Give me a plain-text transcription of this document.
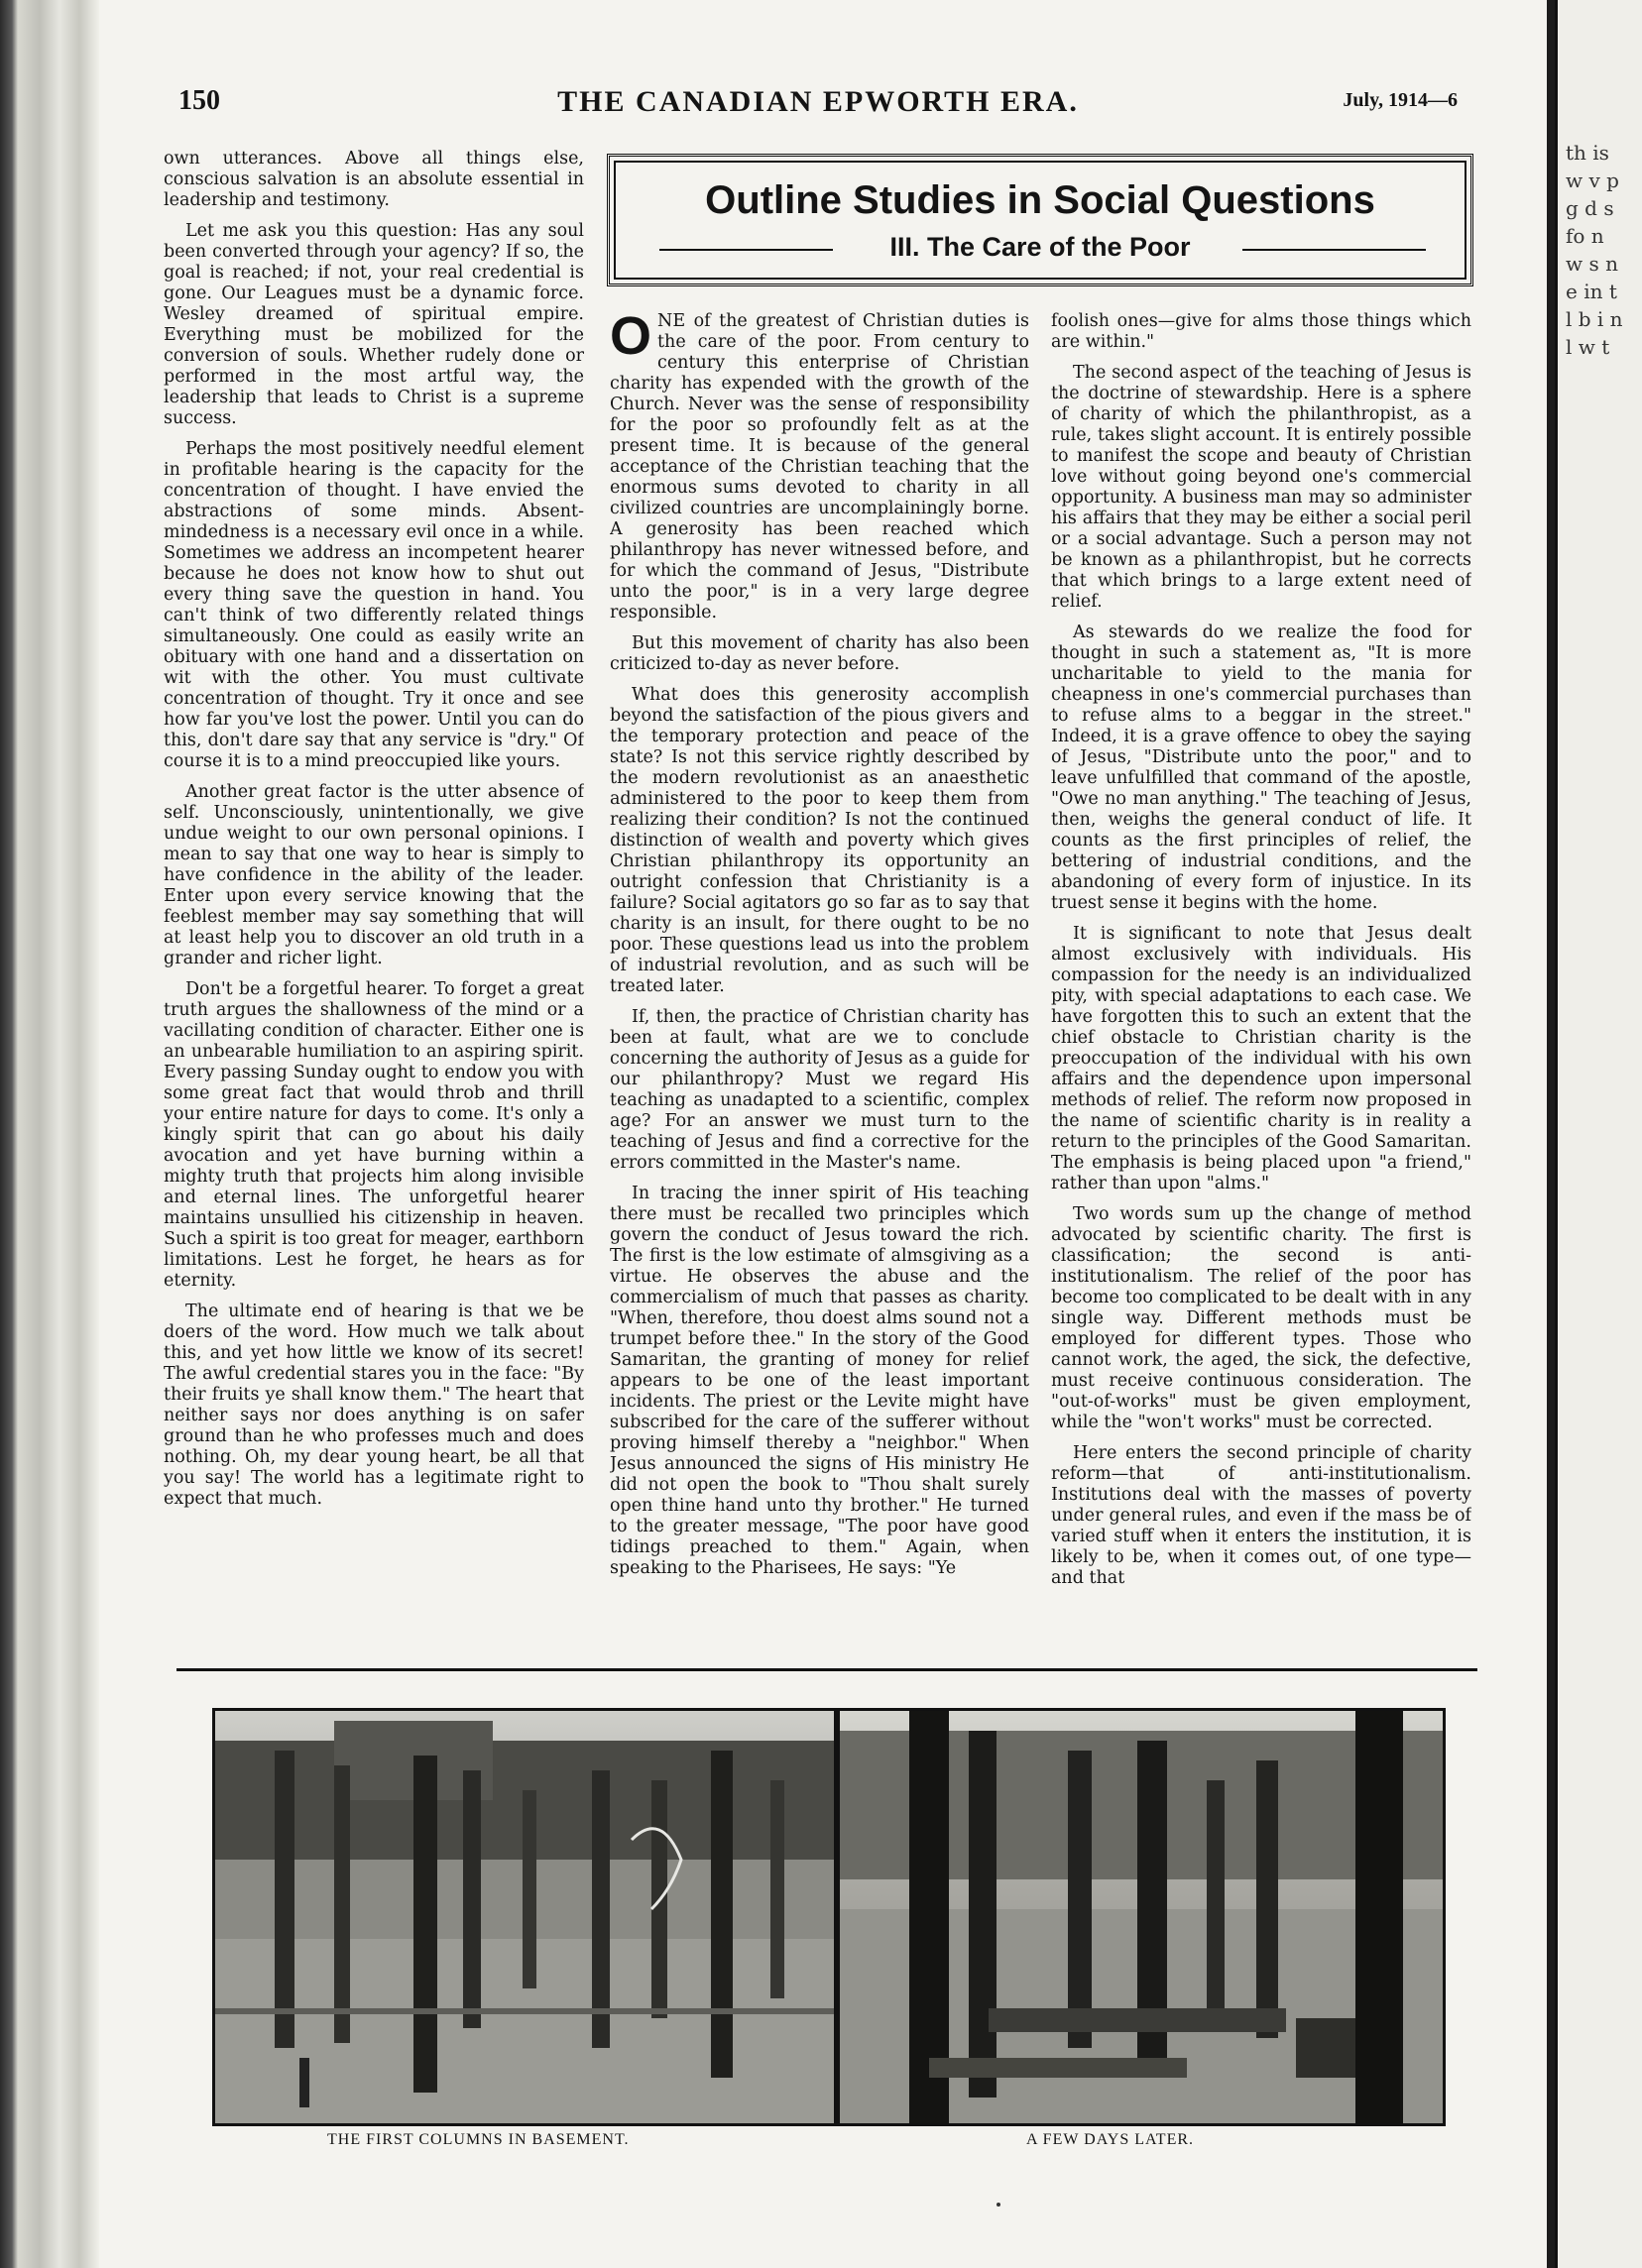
th is w v p g d s fo n w s n e in t l b i n l w t
THE CANADIAN EPWORTH ERA.
150	July, 1914—6

own utterances. Above all things else, conscious salvation is an absolute essential in leadership and testimony.

Let me ask you this question: Has any soul been converted through your agency? If so, the goal is reached; if not, your real credential is gone. Our Leagues must be a dynamic force. Wesley dreamed of spiritual empire. Everything must be mobilized for the conversion of souls. Whether rudely done or performed in the most artful way, the leadership that leads to Christ is a supreme success.

Perhaps the most positively needful element in profitable hearing is the capacity for the concentration of thought. I have envied the abstractions of some minds. Absent-mindedness is a necessary evil once in a while. Sometimes we address an incompetent hearer because he does not know how to shut out every thing save the question in hand. You can't think of two differently related things simultaneously. One could as easily write an obituary with one hand and a dissertation on wit with the other. You must cultivate concentration of thought. Try it once and see how far you've lost the power. Until you can do this, don't dare say that any service is "dry." Of course it is to a mind preoccupied like yours.

Another great factor is the utter absence of self. Unconsciously, unintentionally, we give undue weight to our own personal opinions. I mean to say that one way to hear is simply to have confidence in the ability of the leader. Enter upon every service knowing that the feeblest member may say something that will at least help you to discover an old truth in a grander and richer light.

Don't be a forgetful hearer. To forget a great truth argues the shallowness of the mind or a vacillating condition of character. Either one is an unbearable humiliation to an aspiring spirit. Every passing Sunday ought to endow you with some great fact that would throb and thrill your entire nature for days to come. It's only a kingly spirit that can go about his daily avocation and yet have burning within a mighty truth that projects him along invisible and eternal lines. The unforgetful hearer maintains unsullied his citizenship in heaven. Such a spirit is too great for meager, earthborn limitations. Lest he forget, he hears as for eternity.

The ultimate end of hearing is that we be doers of the word. How much we talk about this, and yet how little we know of its secret! The awful credential stares you in the face: "By their fruits ye shall know them." The heart that neither says nor does anything is on safer ground than he who professes much and does nothing. Oh, my dear young heart, be all that you say! The world has a legitimate right to expect that much.

Outline Studies in Social Questions
III. The Care of the Poor

ONE of the greatest of Christian duties is the care of the poor. From century to century this enterprise of Christian charity has expended with the growth of the Church. Never was the sense of responsibility for the poor so profoundly felt as at the present time. It is because of the general acceptance of the Christian teaching that the enormous sums devoted to charity in all civilized countries are uncomplainingly borne. A generosity has been reached which philanthropy has never witnessed before, and for which the command of Jesus, "Distribute unto the poor," is in a very large degree responsible.

But this movement of charity has also been criticized to-day as never before.

What does this generosity accomplish beyond the satisfaction of the pious givers and the temporary protection and peace of the state? Is not this service rightly described by the modern revolutionist as an anaesthetic administered to the poor to keep them from realizing their condition? Is not the continued distinction of wealth and poverty which gives Christian philanthropy its opportunity an outright confession that Christianity is a failure? Social agitators go so far as to say that charity is an insult, for there ought to be no poor. These questions lead us into the problem of industrial revolution, and as such will be treated later.

If, then, the practice of Christian charity has been at fault, what are we to conclude concerning the authority of Jesus as a guide for our philanthropy? Must we regard His teaching as unadapted to a scientific, complex age? For an answer we must turn to the teaching of Jesus and find a corrective for the errors committed in the Master's name.

In tracing the inner spirit of His teaching there must be recalled two principles which govern the conduct of Jesus toward the rich. The first is the low estimate of almsgiving as a virtue. He observes the abuse and the commercialism of much that passes as charity. "When, therefore, thou doest alms sound not a trumpet before thee." In the story of the Good Samaritan, the granting of money for relief appears to be one of the least important incidents. The priest or the Levite might have subscribed for the care of the sufferer without proving himself thereby a "neighbor." When Jesus announced the signs of His ministry He did not open the book to "Thou shalt surely open thine hand unto thy brother." He turned to the greater message, "The poor have good tidings preached to them." Again, when speaking to the Pharisees, He says: "Ye

foolish ones—give for alms those things which are within."

The second aspect of the teaching of Jesus is the doctrine of stewardship. Here is a sphere of charity of which the philanthropist, as a rule, takes slight account. It is entirely possible to manifest the scope and beauty of Christian love without going beyond one's commercial opportunity. A business man may so administer his affairs that they may be either a social peril or a social advantage. Such a person may not be known as a philanthropist, but he corrects that which brings to a large extent need of relief.

As stewards do we realize the food for thought in such a statement as, "It is more uncharitable to yield to the mania for cheapness in one's commercial purchases than to refuse alms to a beggar in the street." Indeed, it is a grave offence to obey the saying of Jesus, "Distribute unto the poor," and to leave unfulfilled that command of the apostle, "Owe no man anything." The teaching of Jesus, then, weighs the general conduct of life. It counts as the first principles of relief, the bettering of industrial conditions, and the abandoning of every form of injustice. In its truest sense it begins with the home.

It is significant to note that Jesus dealt almost exclusively with individuals. His compassion for the needy is an individualized pity, with special adaptations to each case. We have forgotten this to such an extent that the chief obstacle to Christian charity is the preoccupation of the individual with his own affairs and the dependence upon impersonal methods of relief. The reform now proposed in the name of scientific charity is in reality a return to the principles of the Good Samaritan. The emphasis is being placed upon "a friend," rather than upon "alms."

Two words sum up the change of method advocated by scientific charity. The first is classification; the second is anti-institutionalism. The relief of the poor has become too complicated to be dealt with in any single way. Different methods must be employed for different types. Those who cannot work, the aged, the sick, the defective, must receive continuous consideration. The "out-of-works" must be given employment, while the "won't works" must be corrected.

Here enters the second principle of charity reform—that of anti-institutionalism. Institutions deal with the masses of poverty under general rules, and even if the mass be of varied stuff when it enters the institution, it is likely to be, when it comes out, of one type—and that

THE FIRST COLUMNS IN BASEMENT.	A FEW DAYS LATER.
